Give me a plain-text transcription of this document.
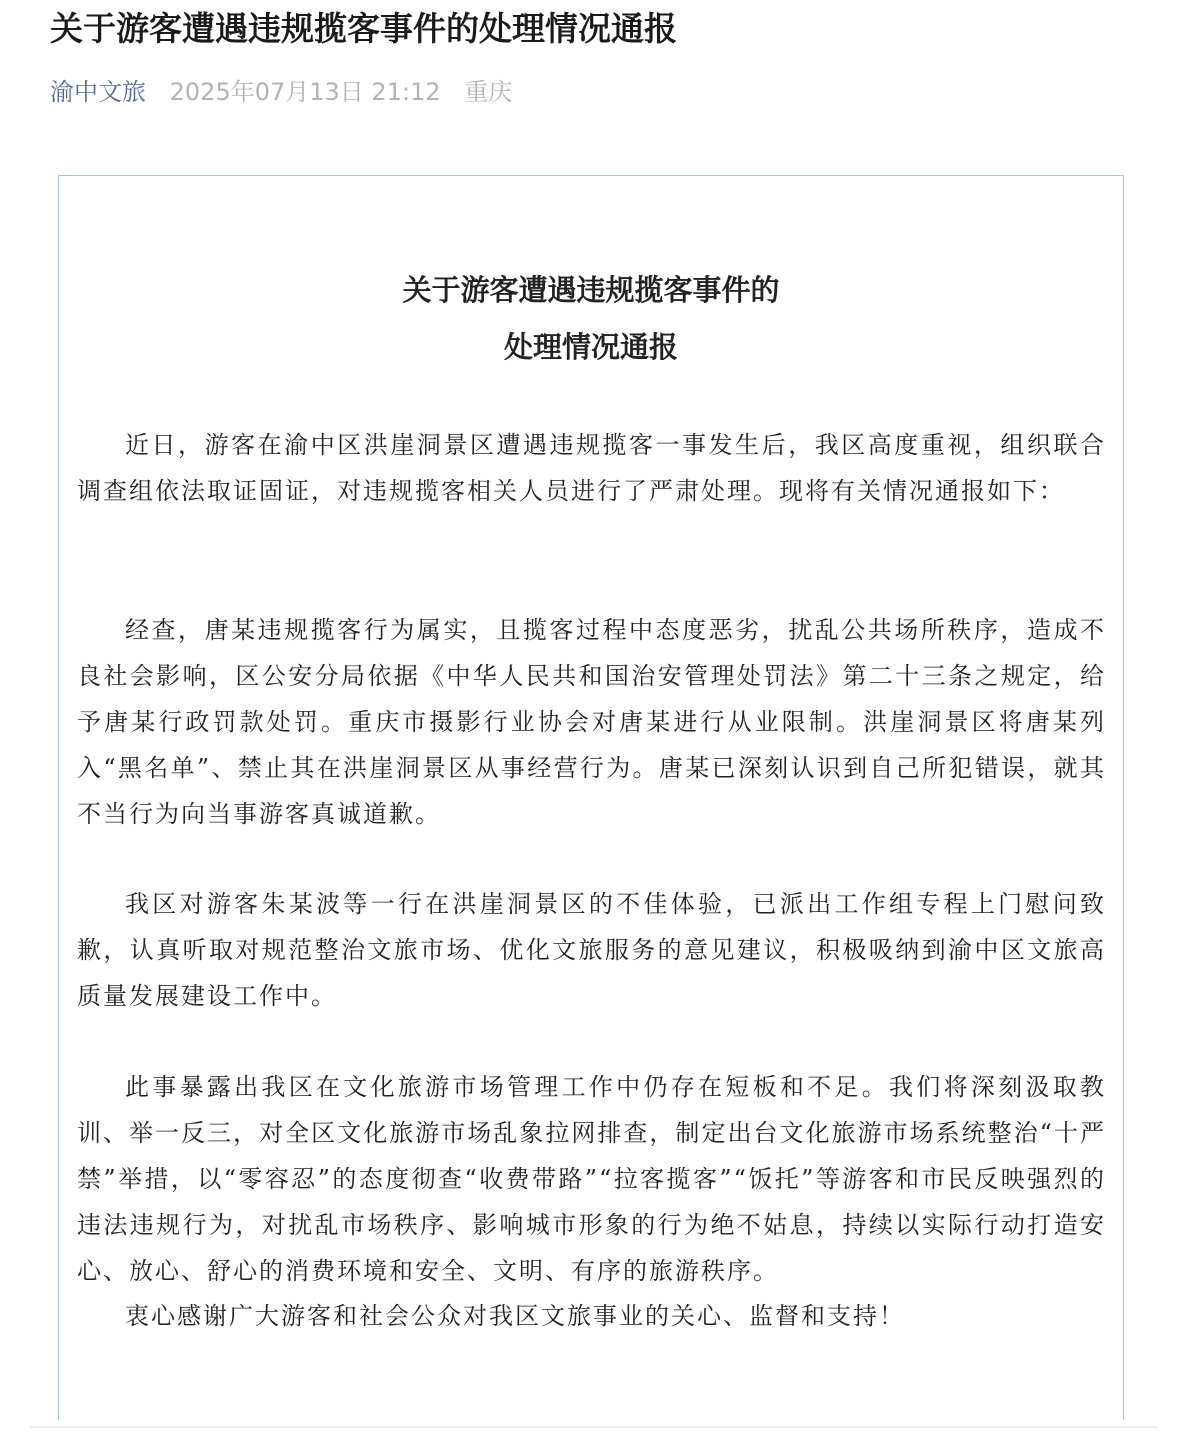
关于游客遭遇违规揽客事件的处理情况通报
渝中文旅 2025年07月13日 21:12 重庆
关于游客遭遇违规揽客事件的
处理情况通报

近日，游客在渝中区洪崖洞景区遭遇违规揽客一事发生后，我区高度重视，组织联合调查组依法取证固证，对违规揽客相关人员进行了严肃处理。现将有关情况通报如下：

经查，唐某违规揽客行为属实，且揽客过程中态度恶劣，扰乱公共场所秩序，造成不良社会影响，区公安分局依据《中华人民共和国治安管理处罚法》第二十三条之规定，给予唐某行政罚款处罚。重庆市摄影行业协会对唐某进行从业限制。洪崖洞景区将唐某列入“黑名单”、禁止其在洪崖洞景区从事经营行为。唐某已深刻认识到自己所犯错误，就其不当行为向当事游客真诚道歉。

我区对游客朱某波等一行在洪崖洞景区的不佳体验，已派出工作组专程上门慰问致歉，认真听取对规范整治文旅市场、优化文旅服务的意见建议，积极吸纳到渝中区文旅高质量发展建设工作中。

此事暴露出我区在文化旅游市场管理工作中仍存在短板和不足。我们将深刻汲取教训、举一反三，对全区文化旅游市场乱象拉网排查，制定出台文化旅游市场系统整治“十严禁”举措，以“零容忍”的态度彻查“收费带路”“拉客揽客”“饭托”等游客和市民反映强烈的违法违规行为，对扰乱市场秩序、影响城市形象的行为绝不姑息，持续以实际行动打造安心、放心、舒心的消费环境和安全、文明、有序的旅游秩序。

衷心感谢广大游客和社会公众对我区文旅事业的关心、监督和支持！
